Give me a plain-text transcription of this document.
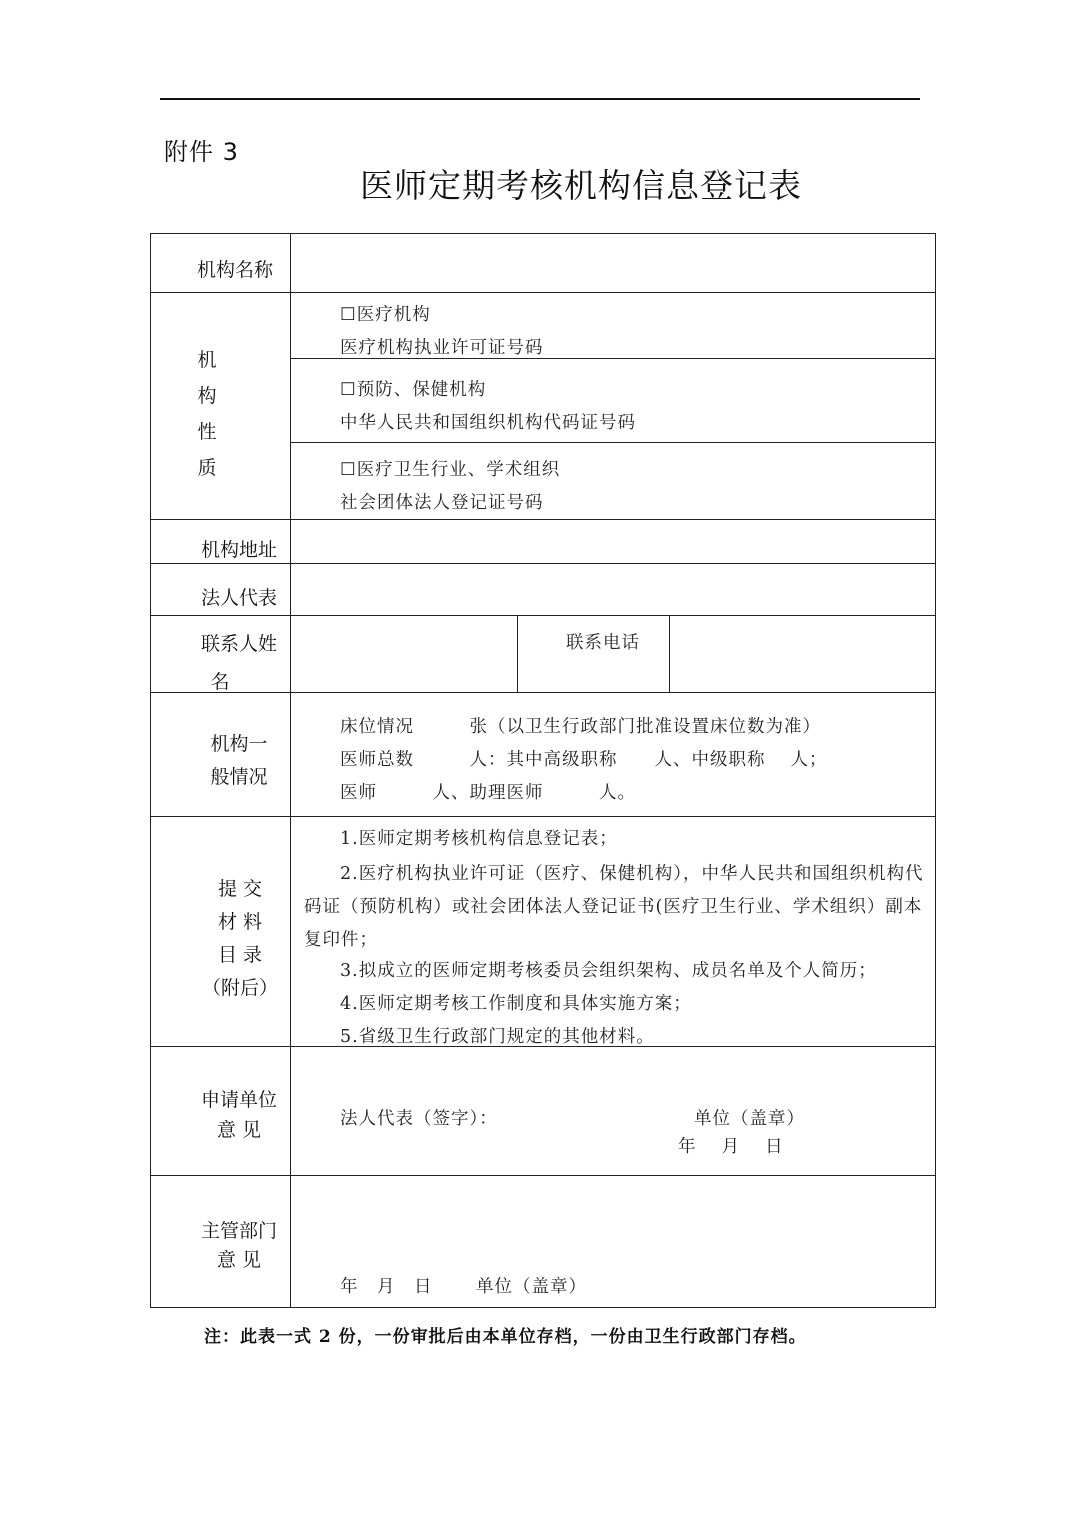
附件 3
医师定期考核机构信息登记表
机构名称
机
构
性
质
☐医疗机构
医疗机构执业许可证号码
☐预防、保健机构
中华人民共和国组织机构代码证号码
☐医疗卫生行业、学术组织
社会团体法人登记证号码
机构地址
法人代表
联系人姓
名
联系电话
机构一
般情况
床位情况　　　张（以卫生行政部门批准设置床位数为准）
医师总数　　　人：其中高级职称　　人、中级职称　 人；
医师　　　人、助理医师　　　人。
提 交
材 料
目 录
（附后）
1.医师定期考核机构信息登记表；
2.医疗机构执业许可证（医疗、保健机构），中华人民共和国组织机构代码证（预防机构）或社会团体法人登记证书(医疗卫生行业、学术组织）副本复印件；
3.拟成立的医师定期考核委员会组织架构、成员名单及个人简历；
4.医师定期考核工作制度和具体实施方案；
5.省级卫生行政部门规定的其他材料。
申请单位
意 见	法人代表（签字）：	单位（盖章）
年　 月　 日
主管部门
意 见
年　月　日　　 单位（盖章）
注：此表一式 2 份，一份审批后由本单位存档，一份由卫生行政部门存档。
